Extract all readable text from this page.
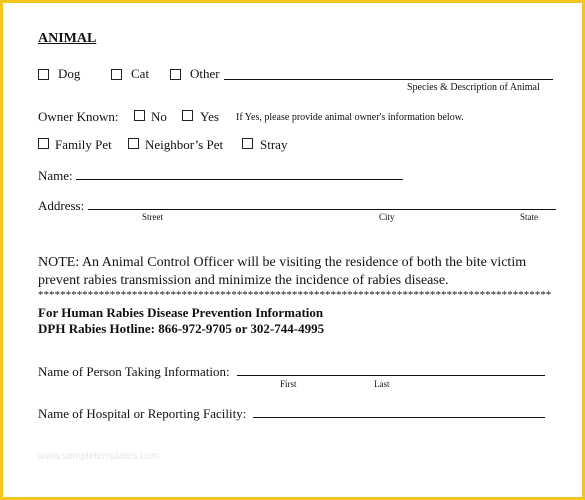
ANIMAL
Dog	Cat	Other
Species & Description of Animal
Owner Known: No	Yes If Yes, please provide animal owner's information below.
Family Pet	Neighbor’s Pet	Stray
Name:
Address:
Street	City	State
NOTE: An Animal Control Officer will be visiting the residence of both the bite victim
prevent rabies transmission and minimize the incidence of rabies disease.
*********************************************************************************************
For Human Rabies Disease Prevention Information
DPH Rabies Hotline: 866-972-9705 or 302-744-4995
Name of Person Taking Information:
First	Last
Name of Hospital or Reporting Facility:
www.sampletemplates.com
